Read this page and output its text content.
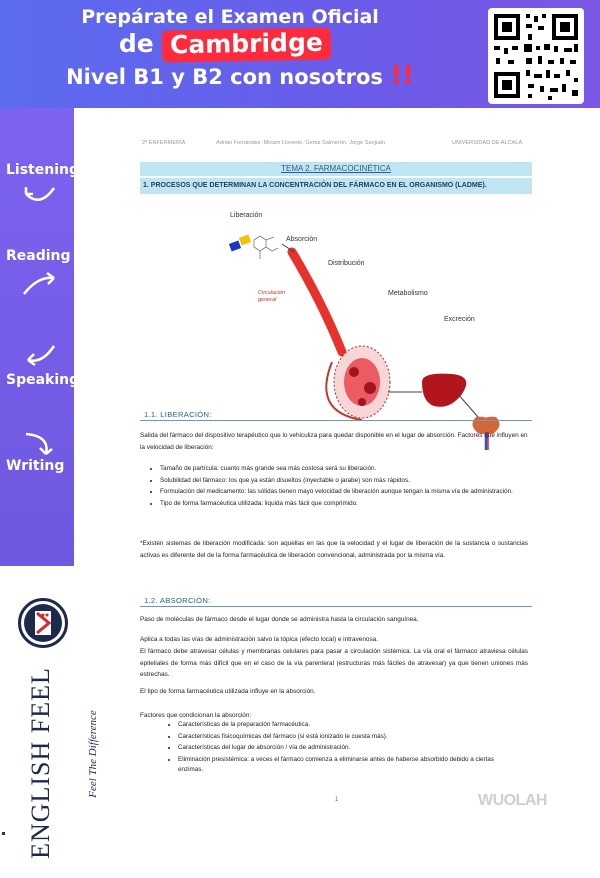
Prepárate el Examen Oficial
de Cambridge
Nivel B1 y B2 con nosotros !!
Listening
Reading
Speaking
Writing
ENGLISH FEEL	Feel The Difference
2º ENFERMERÍA	Adrián Fernández, Miriam Llorente, Gema Salmerón, Jorge Sanjuán	UNIVERSIDAD DE ALCALÁ
TEMA 2. FARMACOCINÉTICA
1. PROCESOS QUE DETERMINAN LA CONCENTRACIÓN DEL FÁRMACO EN EL ORGANISMO (LADME).
Liberación
Absorción
Distribución
Circulación general
Metabolismo
Excreción
1.1. LIBERACIÓN:
Salida del fármaco del dispositivo terapéutico que lo vehiculiza para quedar disponible en el lugar de absorción. Factores que influyen en la velocidad de liberación:
• Tamaño de partícula: cuanto más grande sea más costosa será su liberación.
• Solubilidad del fármaco: los que ya están disueltos (inyectable o jarabe) son más rápidos.
• Formulación del medicamento: las sólidas tienen mayo velocidad de liberación aunque tengan la misma vía de administración.
• Tipo de forma farmacéutica utilizada: liquida más fácil que comprimido.
*Existen sistemas de liberación modificada: son aquellas en las que la velocidad y el lugar de liberación de la sustancia o sustancias activas es diferente del de la forma farmacéutica de liberación convencional, administrada por la misma vía.
1.2. ABSORCIÓN:
Paso de moléculas de fármaco desde el lugar donde se administra hasta la circulación sanguínea.
Aplica a todas las vías de administración salvo la tópica (efecto local) e intravenosa.
El fármaco debe atravesar células y membranas celulares para pasar a circulación sistémica. La vía oral el fármaco atraviesa células epiteliales de forma más difícil que en el caso de la vía parenteral (estructuras más fáciles de atravesar) ya que tienen uniones más estrechas.
El tipo de forma farmacéutica utilizada influye en la absorción.
Factores que condicionan la absorción:
• Características de la preparación farmacéutica.
• Características fisicoquímicas del fármaco (si está ionizado le cuesta más).
• Características del lugar de absorción / vía de administración.
• Eliminación presistémica: a veces el fármaco comienza a eliminarse antes de haberse absorbido debido a ciertas enzimas.
1	WUOLAH
